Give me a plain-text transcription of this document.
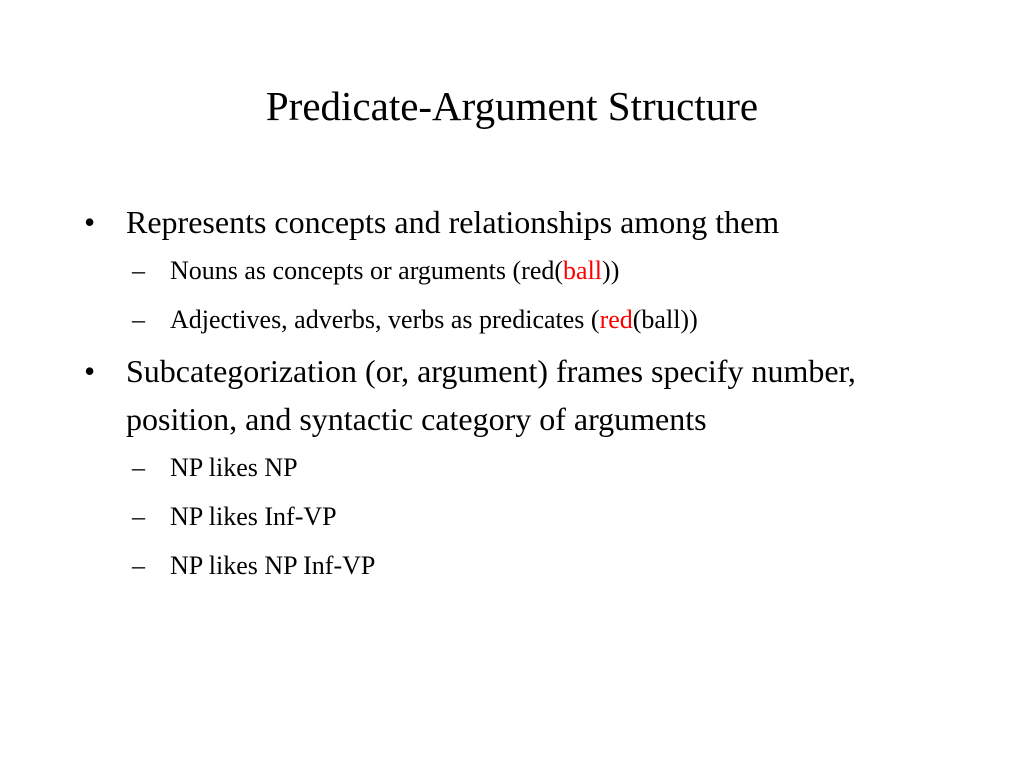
Predicate-Argument Structure
• Represents concepts and relationships among them
– Nouns as concepts or arguments (red(ball))
– Adjectives, adverbs, verbs as predicates (red(ball))
• Subcategorization (or, argument) frames specify number, position, and syntactic category of arguments
– NP likes NP
– NP likes Inf-VP
– NP likes NP Inf-VP
